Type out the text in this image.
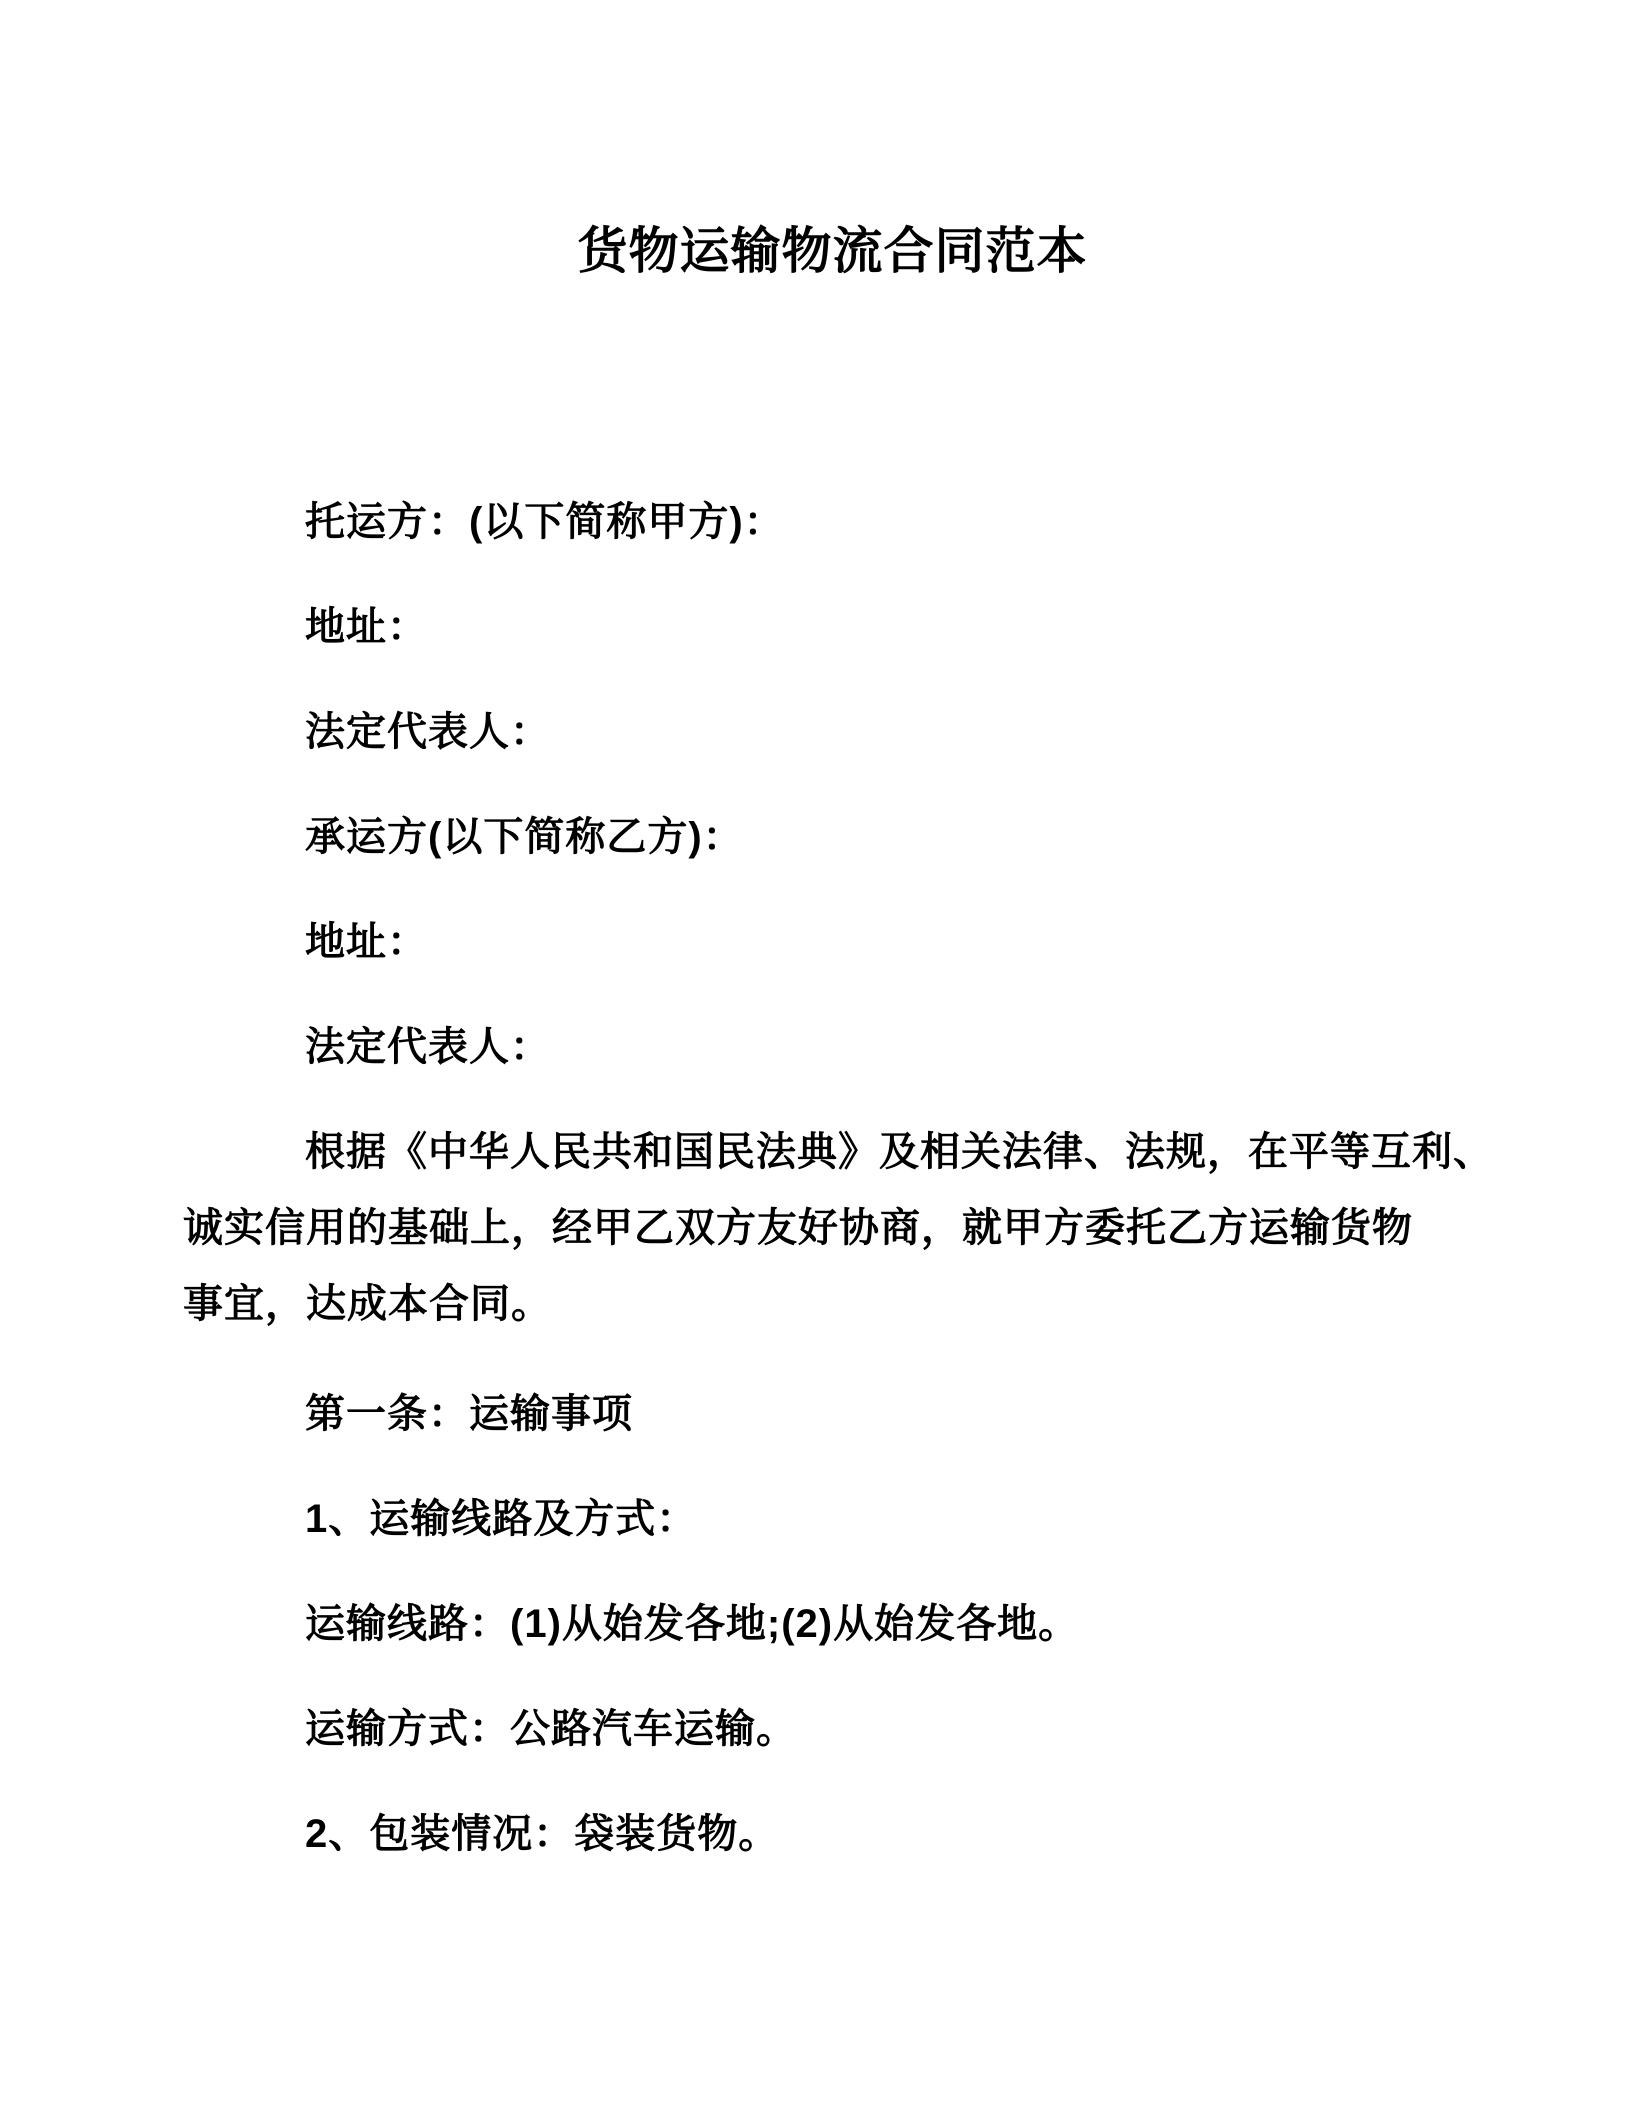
货物运输物流合同范本
托运方：(以下简称甲方)：
地址：
法定代表人：
承运方(以下简称乙方)：
地址：
法定代表人：
根据《中华人民共和国民法典》及相关法律、法规，在平等互利、
诚实信用的基础上，经甲乙双方友好协商，就甲方委托乙方运输货物
事宜，达成本合同。
第一条：运输事项
1、运输线路及方式：
运输线路：(1)从始发各地;(2)从始发各地。
运输方式：公路汽车运输。
2、包装情况：袋装货物。
